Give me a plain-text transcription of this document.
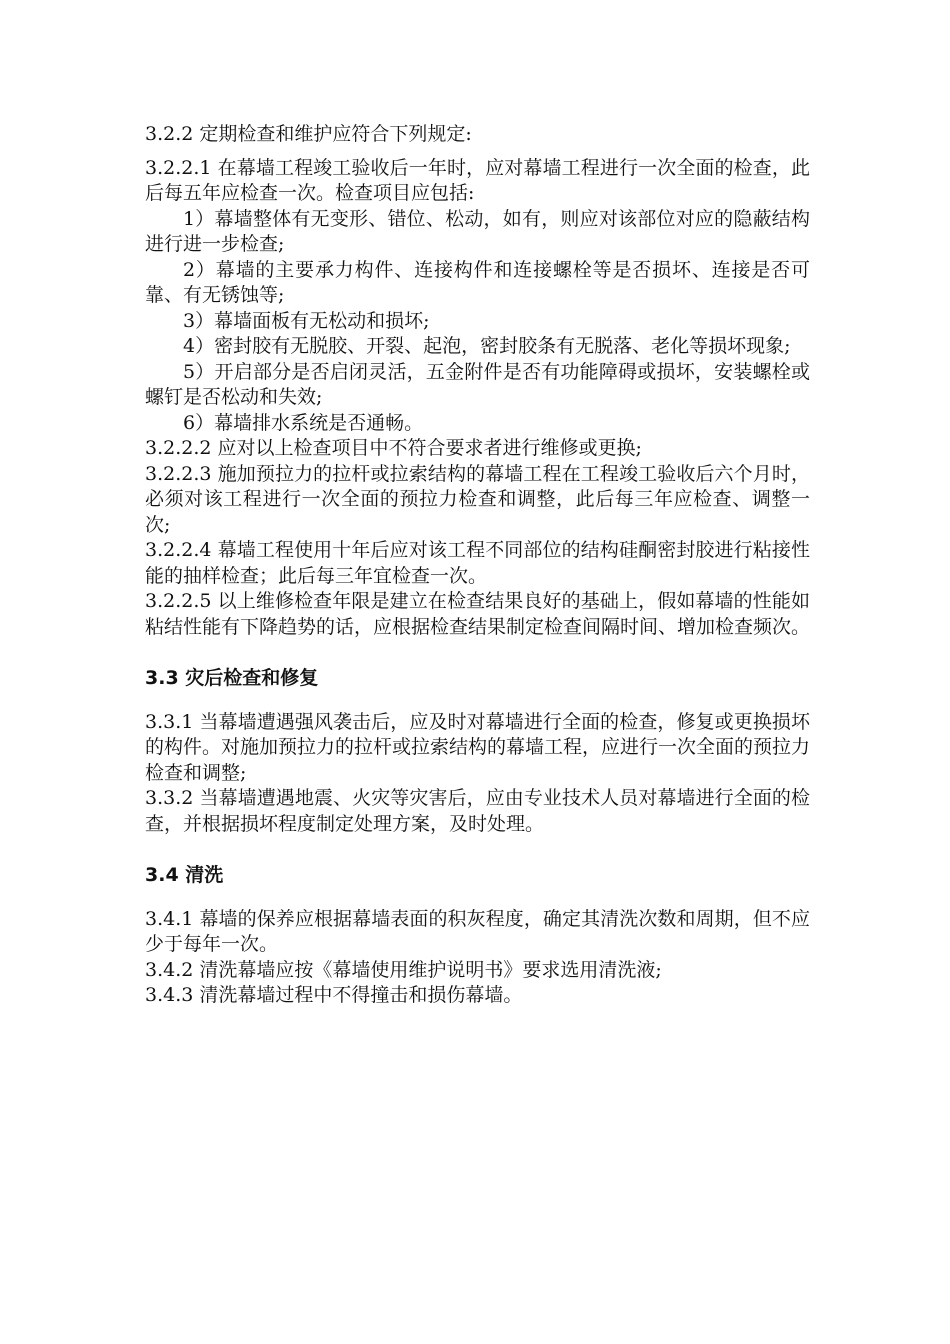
3.2.2 定期检查和维护应符合下列规定:

3.2.2.1 在幕墙工程竣工验收后一年时，应对幕墙工程进行一次全面的检查，此后每五年应检查一次。检查项目应包括:

1）幕墙整体有无变形、错位、松动，如有，则应对该部位对应的隐蔽结构进行进一步检查;

2）幕墙的主要承力构件、连接构件和连接螺栓等是否损坏、连接是否可靠、有无锈蚀等;

3）幕墙面板有无松动和损坏;

4）密封胶有无脱胶、开裂、起泡，密封胶条有无脱落、老化等损坏现象;

5）开启部分是否启闭灵活，五金附件是否有功能障碍或损坏，安装螺栓或螺钉是否松动和失效;

6）幕墙排水系统是否通畅。

3.2.2.2 应对以上检查项目中不符合要求者进行维修或更换;

3.2.2.3 施加预拉力的拉杆或拉索结构的幕墙工程在工程竣工验收后六个月时，必须对该工程进行一次全面的预拉力检查和调整，此后每三年应检查、调整一次;

3.2.2.4 幕墙工程使用十年后应对该工程不同部位的结构硅酮密封胶进行粘接性能的抽样检查；此后每三年宜检查一次。

3.2.2.5 以上维修检查年限是建立在检查结果良好的基础上，假如幕墙的性能如粘结性能有下降趋势的话，应根据检查结果制定检查间隔时间、增加检查频次。

3.3 灾后检查和修复

3.3.1 当幕墙遭遇强风袭击后，应及时对幕墙进行全面的检查，修复或更换损坏的构件。对施加预拉力的拉杆或拉索结构的幕墙工程，应进行一次全面的预拉力检查和调整;

3.3.2 当幕墙遭遇地震、火灾等灾害后，应由专业技术人员对幕墙进行全面的检查，并根据损坏程度制定处理方案，及时处理。

3.4 清洗

3.4.1 幕墙的保养应根据幕墙表面的积灰程度，确定其清洗次数和周期，但不应少于每年一次。

3.4.2 清洗幕墙应按《幕墙使用维护说明书》要求选用清洗液;

3.4.3 清洗幕墙过程中不得撞击和损伤幕墙。
